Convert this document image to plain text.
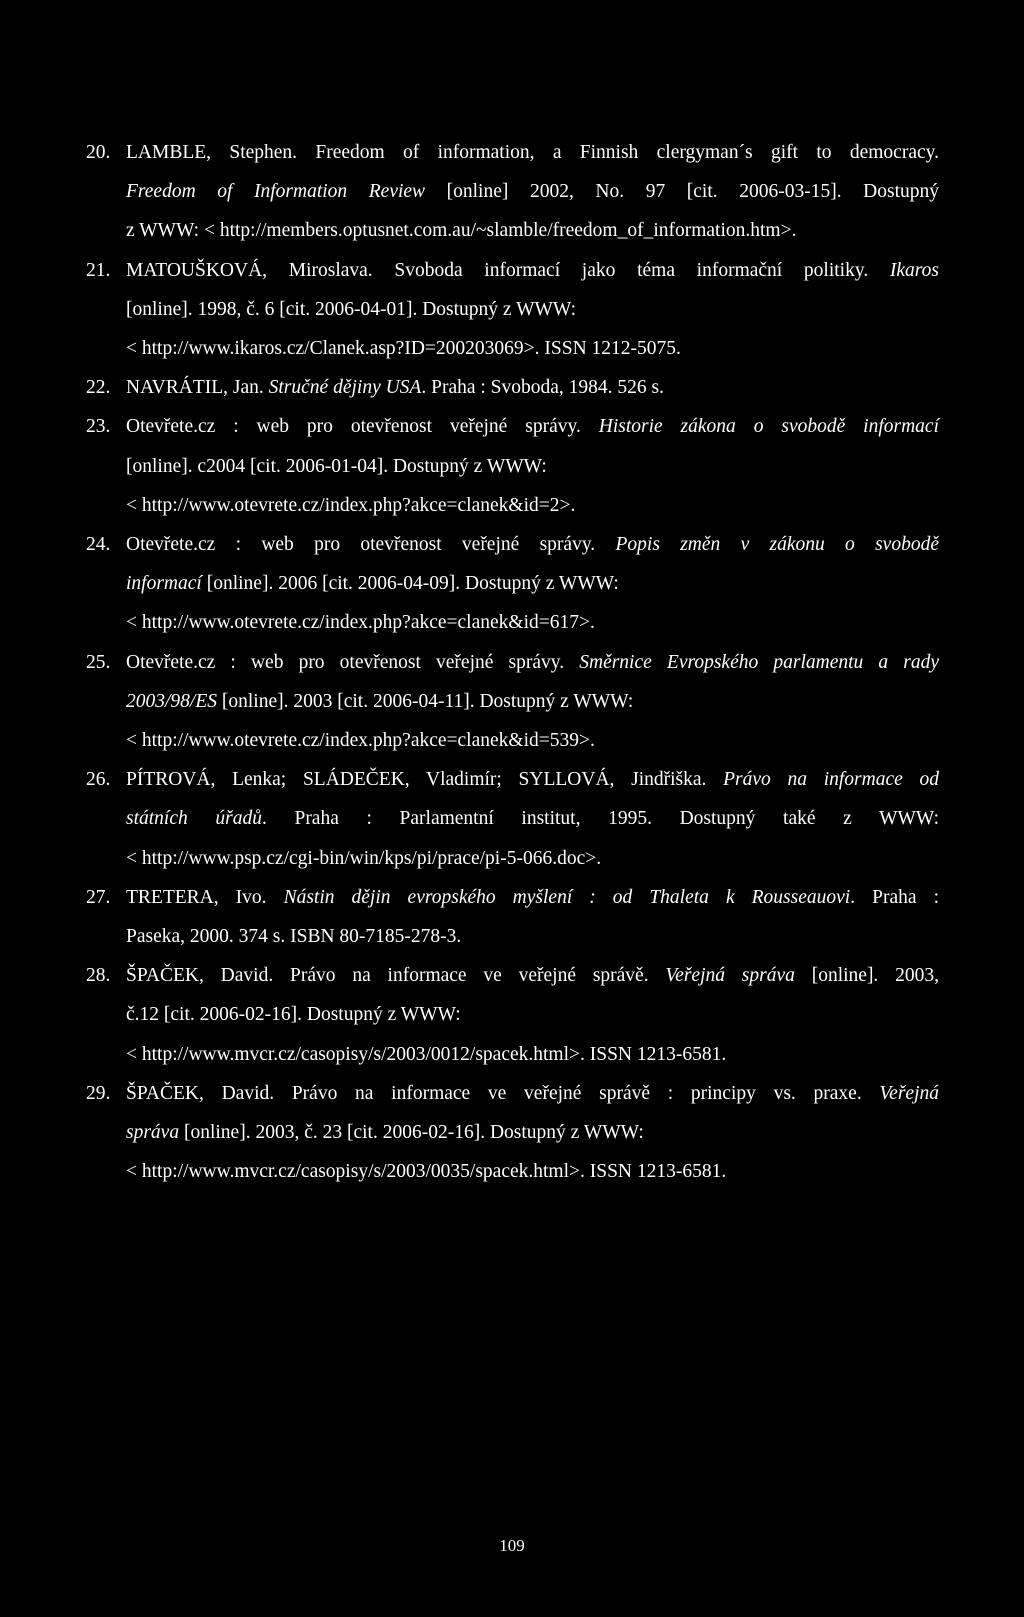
20. LAMBLE, Stephen. Freedom of information, a Finnish clergyman´s gift to democracy.
Freedom of Information Review [online] 2002, No. 97 [cit. 2006-03-15]. Dostupný
z WWW: < http://members.optusnet.com.au/~slamble/freedom_of_information.htm>.
21. MATOUŠKOVÁ, Miroslava. Svoboda informací jako téma informační politiky. Ikaros
[online]. 1998, č. 6 [cit. 2006-04-01]. Dostupný z WWW:
< http://www.ikaros.cz/Clanek.asp?ID=200203069>. ISSN 1212-5075.
22. NAVRÁTIL, Jan. Stručné dějiny USA. Praha : Svoboda, 1984. 526 s.
23. Otevřete.cz : web pro otevřenost veřejné správy. Historie zákona o svobodě informací
[online]. c2004 [cit. 2006-01-04]. Dostupný z WWW:
< http://www.otevrete.cz/index.php?akce=clanek&id=2>.
24. Otevřete.cz : web pro otevřenost veřejné správy. Popis změn v zákonu o svobodě
informací [online]. 2006 [cit. 2006-04-09]. Dostupný z WWW:
< http://www.otevrete.cz/index.php?akce=clanek&id=617>.
25. Otevřete.cz : web pro otevřenost veřejné správy. Směrnice Evropského parlamentu a rady
2003/98/ES [online]. 2003 [cit. 2006-04-11]. Dostupný z WWW:
< http://www.otevrete.cz/index.php?akce=clanek&id=539>.
26. PÍTROVÁ, Lenka; SLÁDEČEK, Vladimír; SYLLOVÁ, Jindřiška. Právo na informace od
státních úřadů. Praha : Parlamentní institut, 1995. Dostupný také z WWW:
< http://www.psp.cz/cgi-bin/win/kps/pi/prace/pi-5-066.doc>.
27. TRETERA, Ivo. Nástin dějin evropského myšlení : od Thaleta k Rousseauovi. Praha :
Paseka, 2000. 374 s. ISBN 80-7185-278-3.
28. ŠPAČEK, David. Právo na informace ve veřejné správě. Veřejná správa [online]. 2003,
č.12 [cit. 2006-02-16]. Dostupný z WWW:
< http://www.mvcr.cz/casopisy/s/2003/0012/spacek.html>. ISSN 1213-6581.
29. ŠPAČEK, David. Právo na informace ve veřejné správě : principy vs. praxe. Veřejná
správa [online]. 2003, č. 23 [cit. 2006-02-16]. Dostupný z WWW:
< http://www.mvcr.cz/casopisy/s/2003/0035/spacek.html>. ISSN 1213-6581.
109
